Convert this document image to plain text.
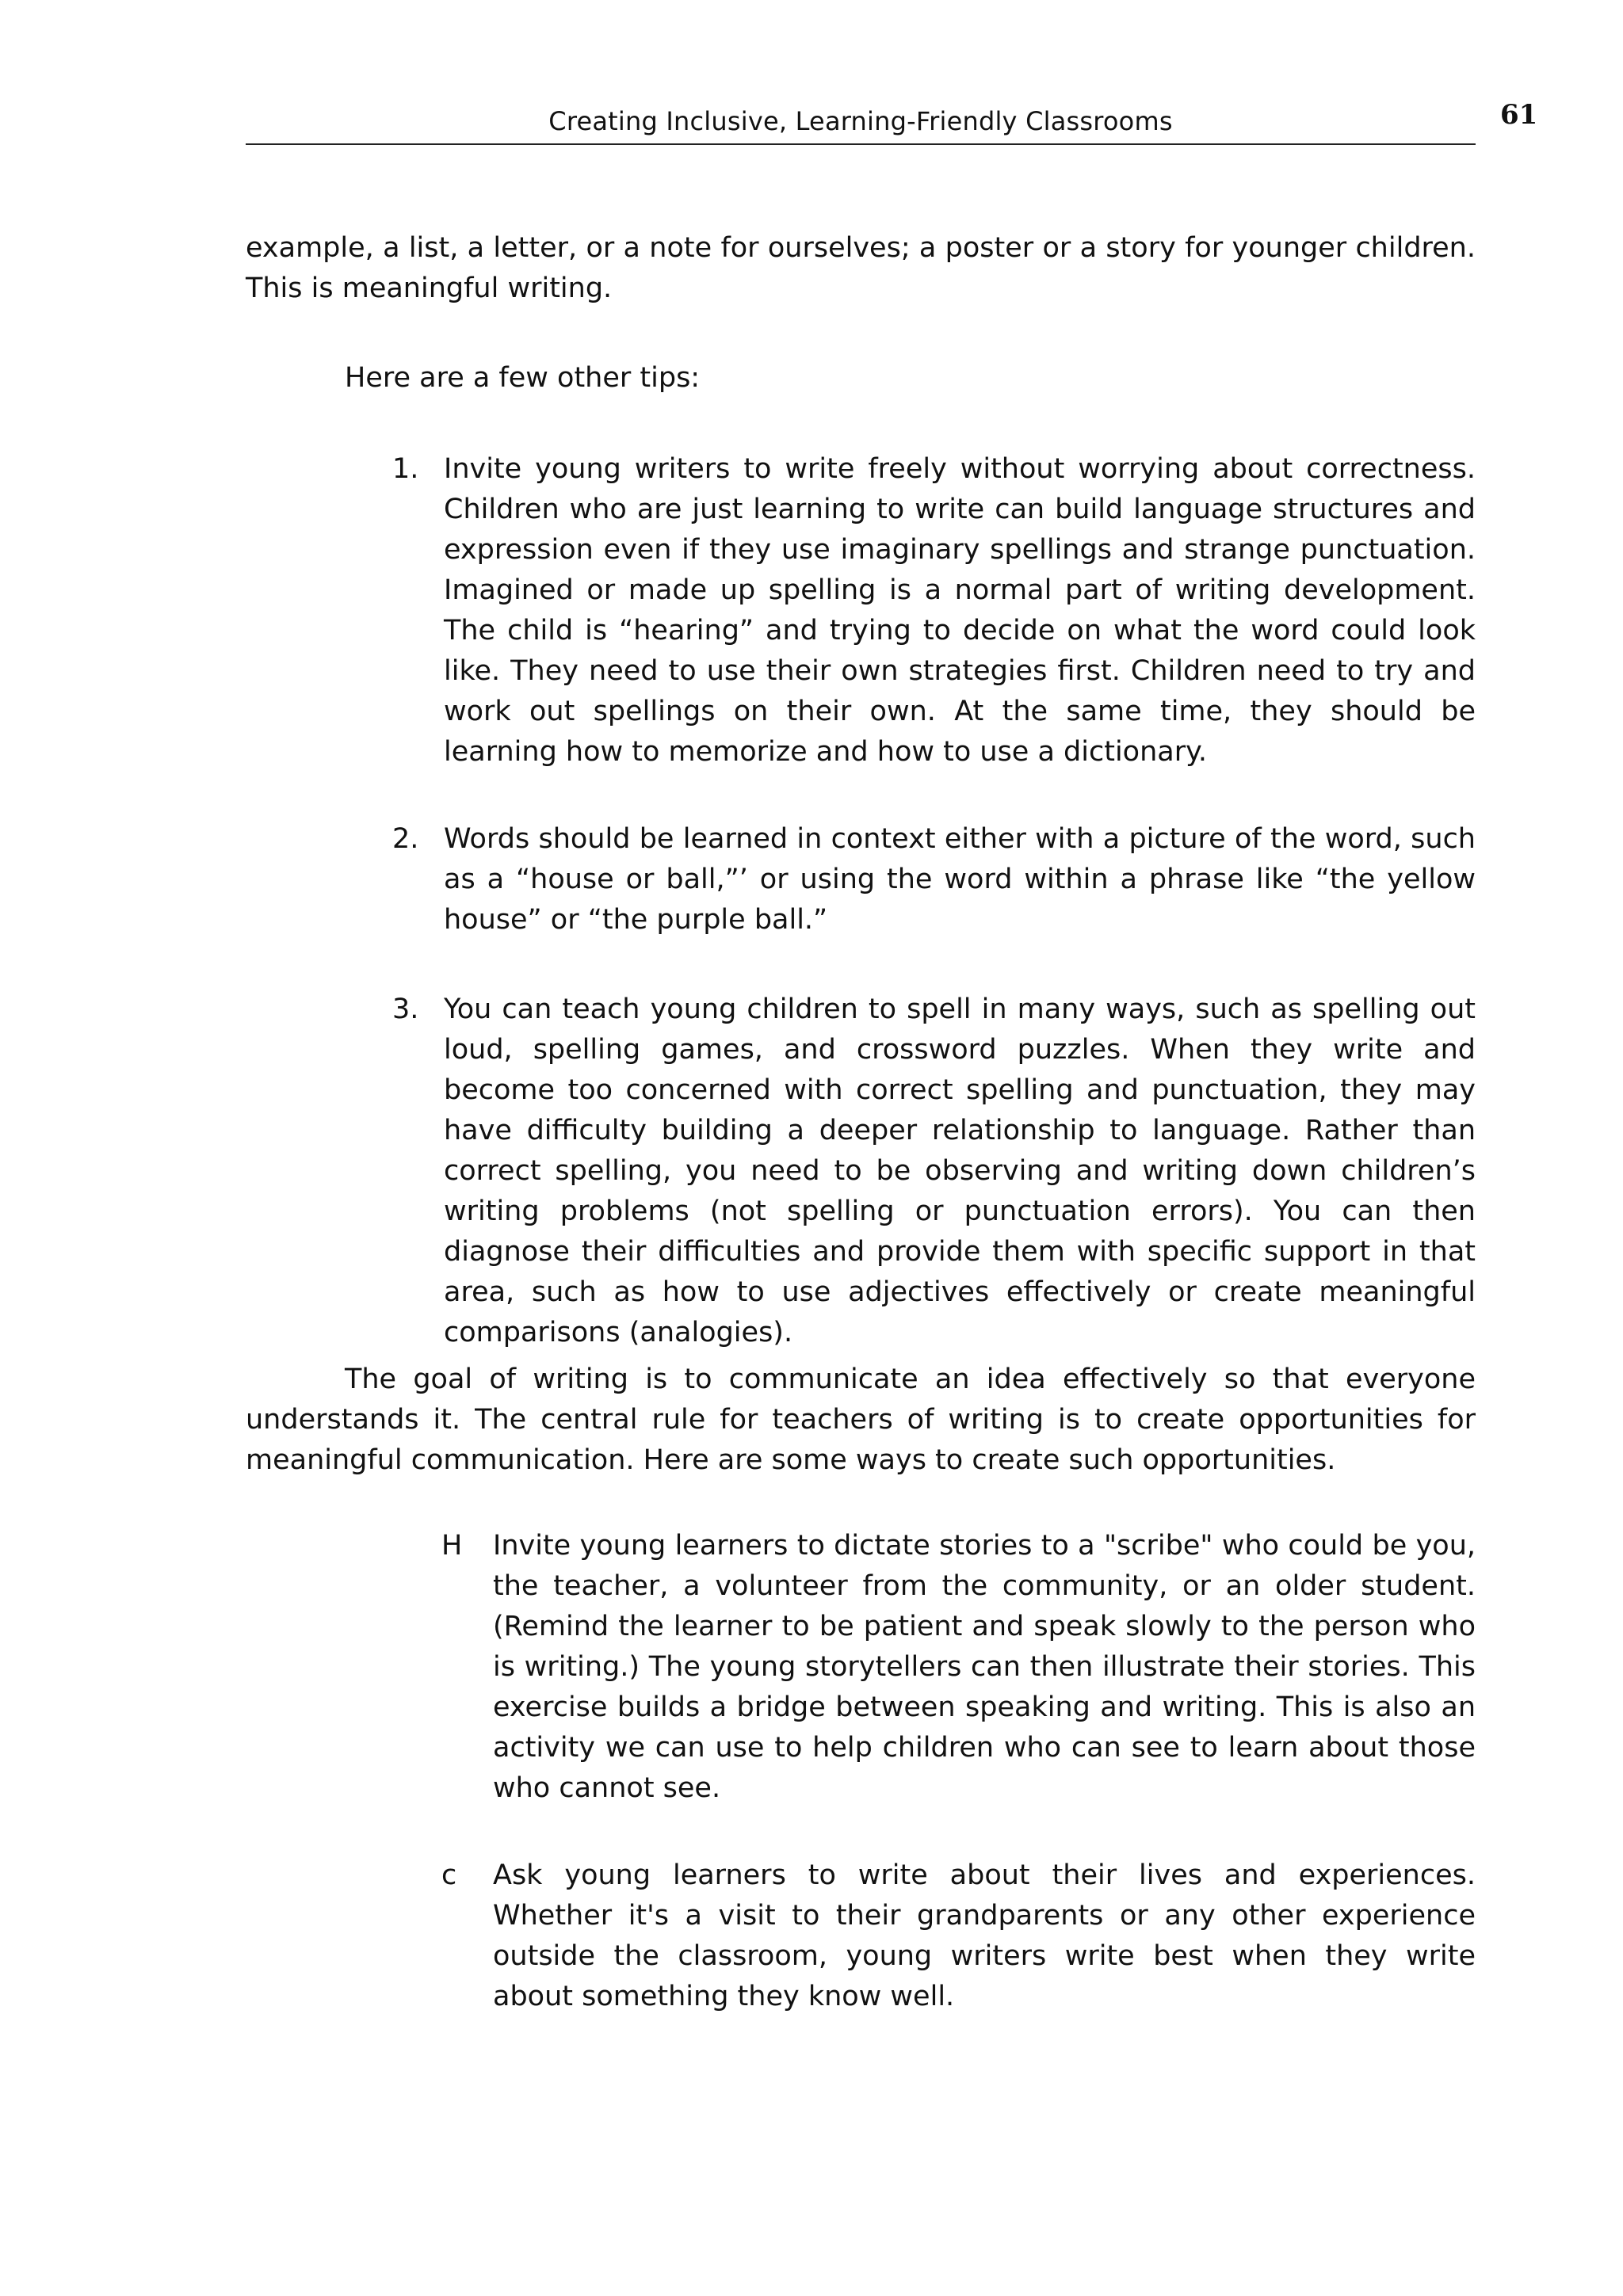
Creating Inclusive, Learning-Friendly Classrooms	61

example, a list, a letter, or a note for ourselves; a poster or a story for younger children. This is meaningful writing.

Here are a few other tips:

1. Invite young writers to write freely without worrying about correctness. Children who are just learning to write can build language structures and expression even if they use imaginary spellings and strange punctuation. Imagined or made up spelling is a normal part of writing development. The child is “hearing” and trying to decide on what the word could look like. They need to use their own strategies first. Children need to try and work out spellings on their own. At the same time, they should be learning how to memorize and how to use a dictionary.

2. Words should be learned in context either with a picture of the word, such as a “house or ball,”’ or using the word within a phrase like “the yellow house” or “the purple ball.”

3. You can teach young children to spell in many ways, such as spelling out loud, spelling games, and crossword puzzles. When they write and become too concerned with correct spelling and punctuation, they may have difficulty building a deeper relationship to language. Rather than correct spelling, you need to be observing and writing down children’s writing problems (not spelling or punctuation errors). You can then diagnose their difficulties and provide them with specific support in that area, such as how to use adjectives effectively or create meaningful comparisons (analogies).

The goal of writing is to communicate an idea effectively so that everyone understands it. The central rule for teachers of writing is to create opportunities for meaningful communication. Here are some ways to create such opportunities.

H Invite young learners to dictate stories to a "scribe" who could be you, the teacher, a volunteer from the community, or an older student. (Remind the learner to be patient and speak slowly to the person who is writing.) The young storytellers can then illustrate their stories. This exercise builds a bridge between speaking and writing. This is also an activity we can use to help children who can see to learn about those who cannot see.

c Ask young learners to write about their lives and experiences. Whether it's a visit to their grandparents or any other experience outside the classroom, young writers write best when they write about something they know well.
